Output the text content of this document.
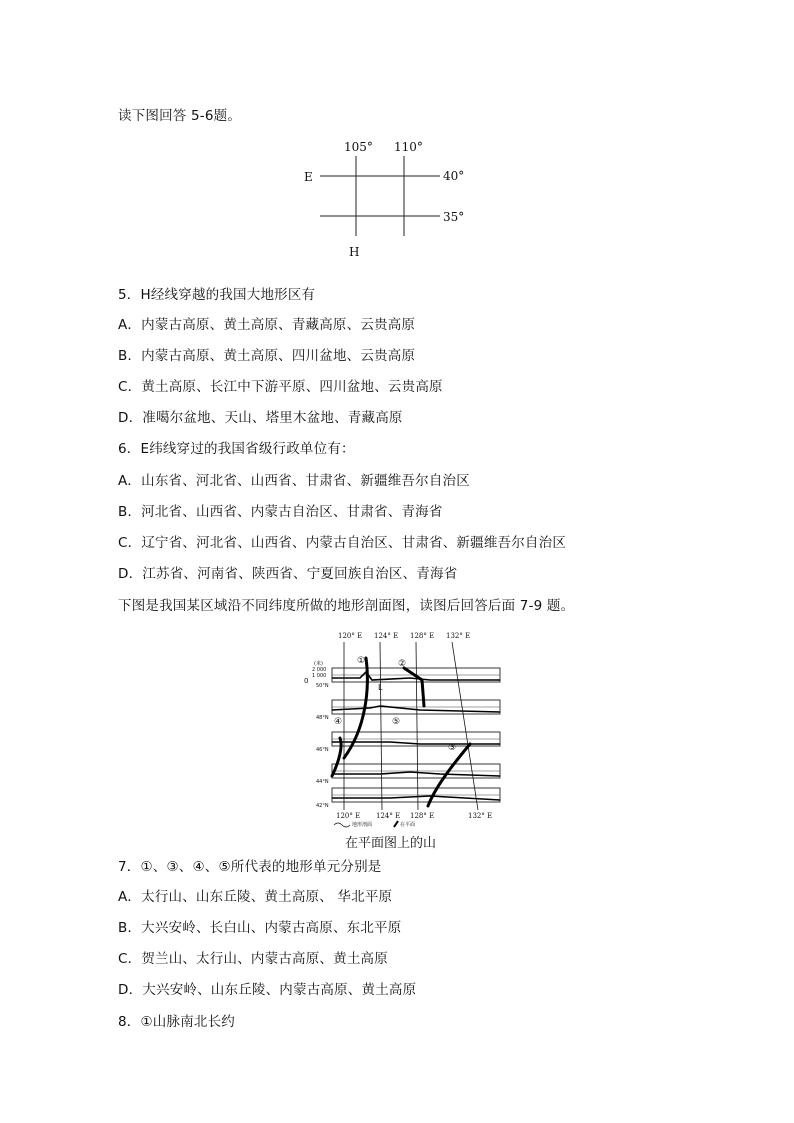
读下图回答 5-6题。
105° 110°
40°
35°
E
H
5．H经线穿越的我国大地形区有
A．内蒙古高原、黄土高原、青藏高原、云贵高原
B．内蒙古高原、黄土高原、四川盆地、云贵高原
C．黄土高原、长江中下游平原、四川盆地、云贵高原
D．准噶尔盆地、天山、塔里木盆地、青藏高原
6．E纬线穿过的我国省级行政单位有：
A．山东省、河北省、山西省、甘肃省、新疆维吾尔自治区
B．河北省、山西省、内蒙古自治区、甘肃省、青海省
C．辽宁省、河北省、山西省、内蒙古自治区、甘肃省、新疆维吾尔自治区
D．江苏省、河南省、陕西省、宁夏回族自治区、青海省
下图是我国某区域沿不同纬度所做的地形剖面图，读图后回答后面 7-9 题。
120° E 124° E 128° E 132° E
①	②
③
④	⑤
L
(米)
2 000
1 000
0
50°N
48°N
46°N
44°N
42°N
120° E 124° E 128° E	132° E
地形剖面	在平面
在平面图上的山
7．①、③、④、⑤所代表的地形单元分别是
A．太行山、山东丘陵、黄土高原、 华北平原
B．大兴安岭、长白山、内蒙古高原、东北平原
C．贺兰山、太行山、内蒙古高原、黄土高原
D．大兴安岭、山东丘陵、内蒙古高原、黄土高原
8．①山脉南北长约
